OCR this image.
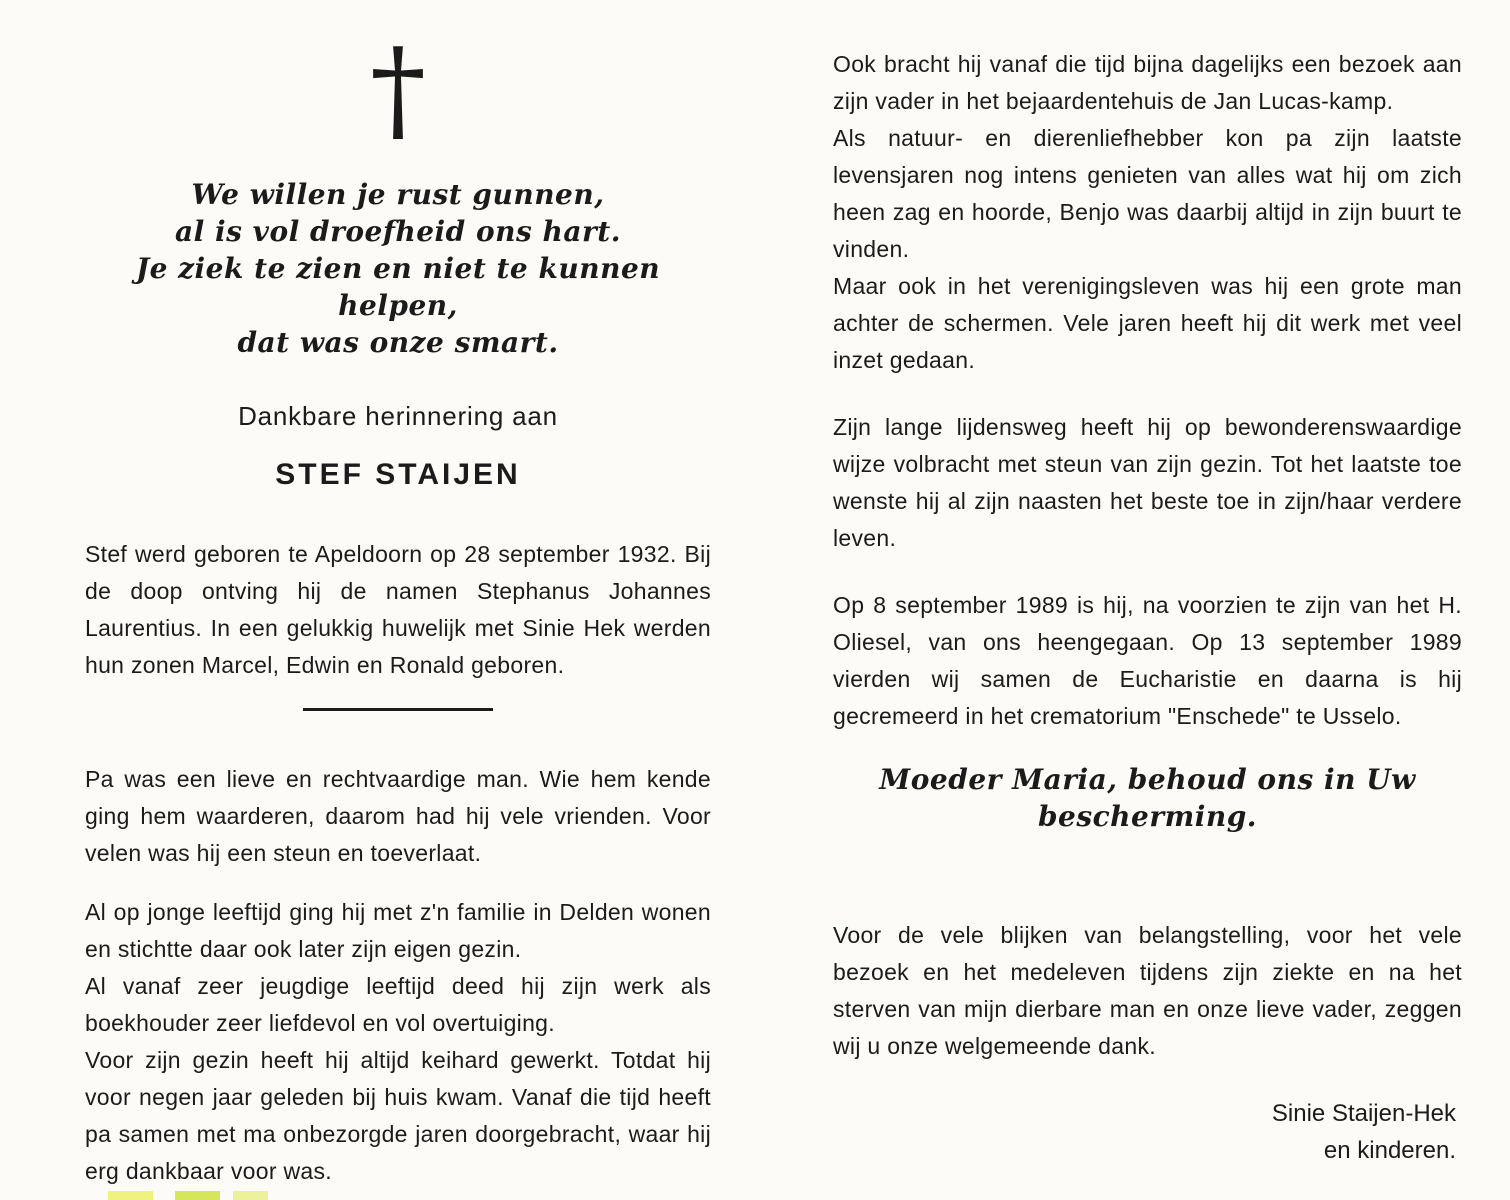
†
We willen je rust gunnen,
al is vol droefheid ons hart.
Je ziek te zien en niet te kunnen helpen,
dat was onze smart.
Dankbare herinnering aan
STEF STAIJEN
Stef werd geboren te Apeldoorn op 28 september 1932. Bij de doop ontving hij de namen Stephanus Johannes Laurentius. In een gelukkig huwelijk met Sinie Hek werden hun zonen Marcel, Edwin en Ronald geboren.
Pa was een lieve en rechtvaardige man. Wie hem kende ging hem waarderen, daarom had hij vele vrienden. Voor velen was hij een steun en toeverlaat.

Al op jonge leeftijd ging hij met z'n familie in Delden wonen en stichtte daar ook later zijn eigen gezin.

Al vanaf zeer jeugdige leeftijd deed hij zijn werk als boekhouder zeer liefdevol en vol overtuiging.

Voor zijn gezin heeft hij altijd keihard gewerkt. Totdat hij voor negen jaar geleden bij huis kwam. Vanaf die tijd heeft pa samen met ma onbezorgde jaren doorgebracht, waar hij erg dankbaar voor was.

Ook bracht hij vanaf die tijd bijna dagelijks een bezoek aan zijn vader in het bejaardentehuis de Jan Lucas-kamp.

Als natuur- en dierenliefhebber kon pa zijn laatste levensjaren nog intens genieten van alles wat hij om zich heen zag en hoorde, Benjo was daarbij altijd in zijn buurt te vinden.

Maar ook in het verenigingsleven was hij een grote man achter de schermen. Vele jaren heeft hij dit werk met veel inzet gedaan.

Zijn lange lijdensweg heeft hij op bewonderenswaardige wijze volbracht met steun van zijn gezin. Tot het laatste toe wenste hij al zijn naasten het beste toe in zijn/haar verdere leven.
Op 8 september 1989 is hij, na voorzien te zijn van het H. Oliesel, van ons heengegaan. Op 13 september 1989 vierden wij samen de Eucharistie en daarna is hij gecremeerd in het crematorium "Enschede" te Usselo.
Moeder Maria, behoud ons in Uw bescherming.
Voor de vele blijken van belangstelling, voor het vele bezoek en het medeleven tijdens zijn ziekte en na het sterven van mijn dierbare man en onze lieve vader, zeggen wij u onze welgemeende dank.
Sinie Staijen-Hek
en kinderen.
